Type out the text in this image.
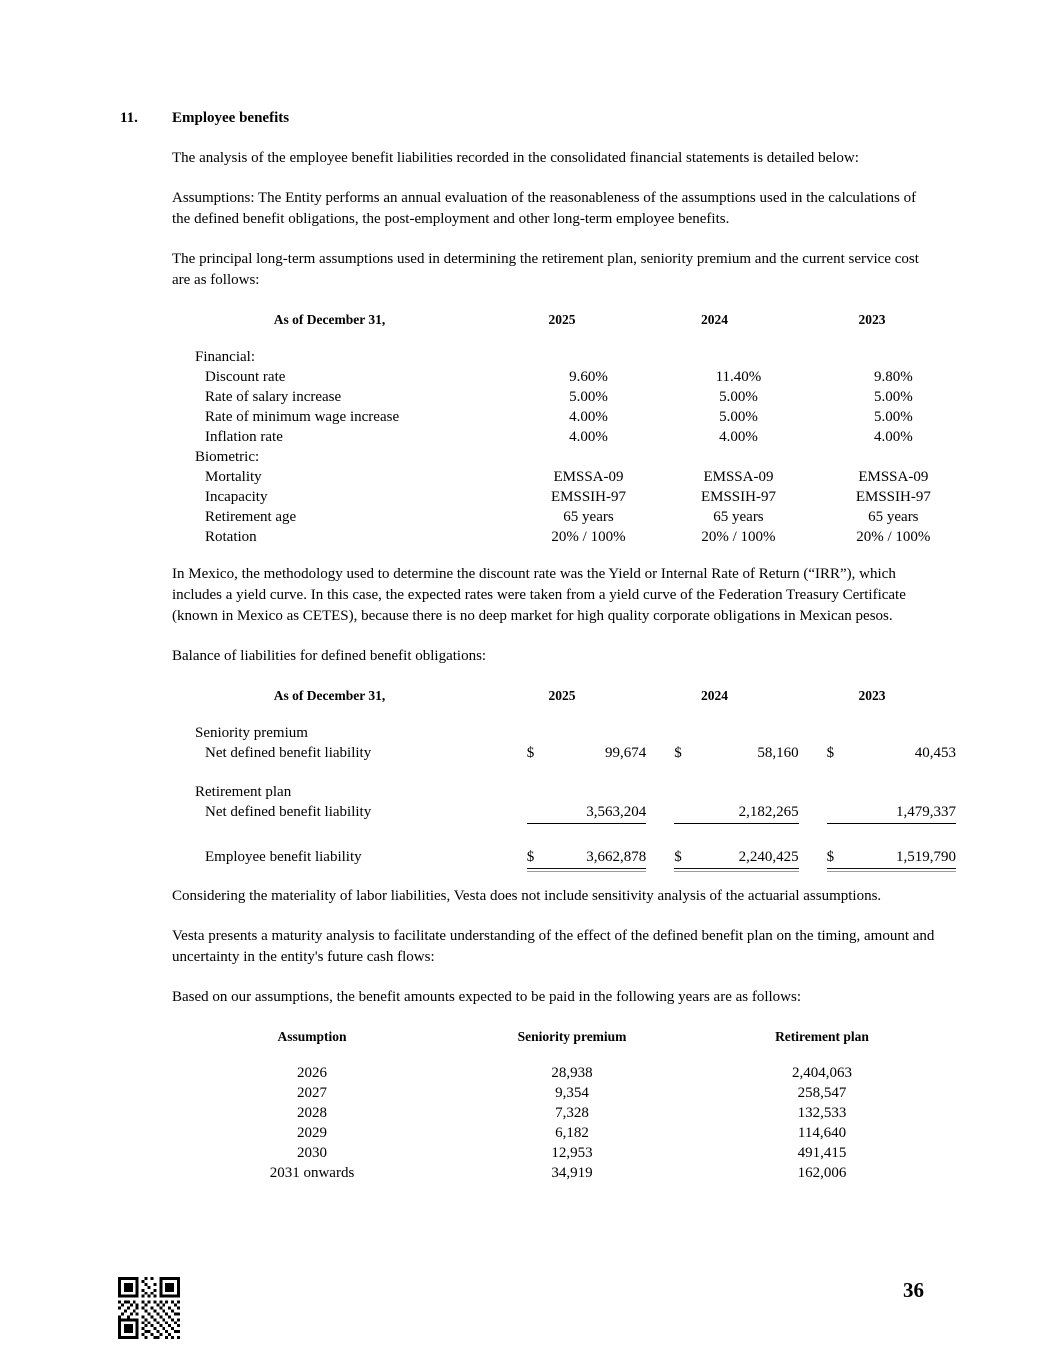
11.	Employee benefits

The analysis of the employee benefit liabilities recorded in the consolidated financial statements is detailed below:

Assumptions: The Entity performs an annual evaluation of the reasonableness of the assumptions used in the calculations of the defined benefit obligations, the post-employment and other long-term employee benefits.

The principal long-term assumptions used in determining the retirement plan, seniority premium and the current service cost are as follows:

As of December 31,	2025	2024	2023
Financial:
Discount rate	9.60%	11.40%	9.80%
Rate of salary increase	5.00%	5.00%	5.00%
Rate of minimum wage increase	4.00%	5.00%	5.00%
Inflation rate	4.00%	4.00%	4.00%
Biometric:
Mortality	EMSSA-09	EMSSA-09	EMSSA-09
Incapacity	EMSSIH-97	EMSSIH-97	EMSSIH-97
Retirement age	65 years	65 years	65 years
Rotation	20% / 100%	20% / 100%	20% / 100%

In Mexico, the methodology used to determine the discount rate was the Yield or Internal Rate of Return (“IRR”), which includes a yield curve. In this case, the expected rates were taken from a yield curve of the Federation Treasury Certificate (known in Mexico as CETES), because there is no deep market for high quality corporate obligations in Mexican pesos.

Balance of liabilities for defined benefit obligations:

As of December 31,	2025	2024	2023
Seniority premium
Net defined benefit liability	$	99,674 $	58,160 $	40,453
Retirement plan
Net defined benefit liability	3,563,204	2,182,265	1,479,337
Employee benefit liability	$	3,662,878 $	2,240,425 $	1,519,790

Considering the materiality of labor liabilities, Vesta does not include sensitivity analysis of the actuarial assumptions.

Vesta presents a maturity analysis to facilitate understanding of the effect of the defined benefit plan on the timing, amount and uncertainty in the entity's future cash flows:

Based on our assumptions, the benefit amounts expected to be paid in the following years are as follows:

Assumption	Seniority premium	Retirement plan
2026	28,938	2,404,063
2027	9,354	258,547
2028	7,328	132,533
2029	6,182	114,640
2030	12,953	491,415
2031 onwards	34,919	162,006
36
